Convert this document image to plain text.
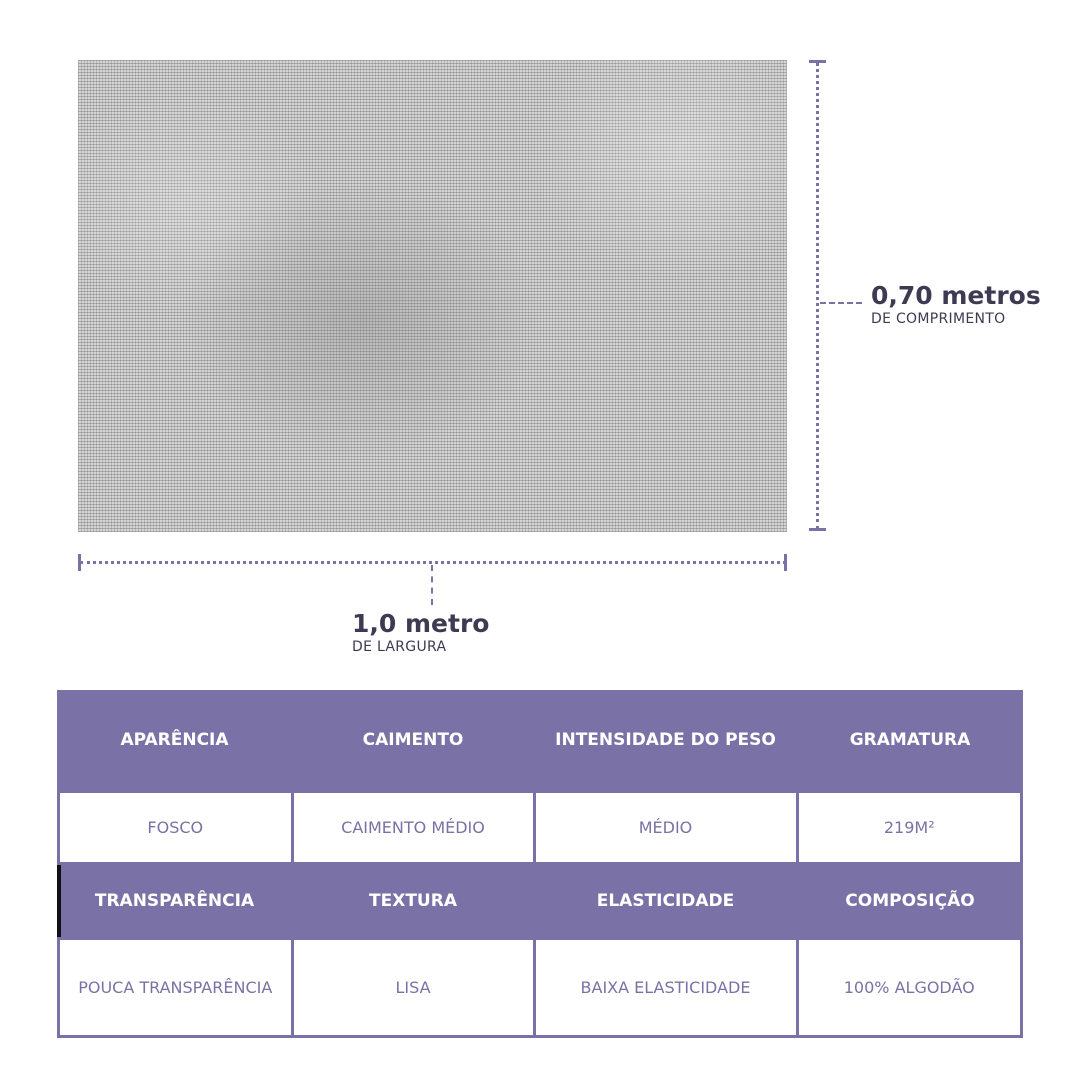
1,0 metro
DE LARGURA
0,70 metros
DE COMPRIMENTO
APARÊNCIA	CAIMENTO	INTENSIDADE DO PESO	GRAMATURA
FOSCO	CAIMENTO MÉDIO	MÉDIO	219M²
TRANSPARÊNCIA	TEXTURA	ELASTICIDADE	COMPOSIÇÃO
POUCA TRANSPARÊNCIA	LISA	BAIXA ELASTICIDADE	100% ALGODÃO
